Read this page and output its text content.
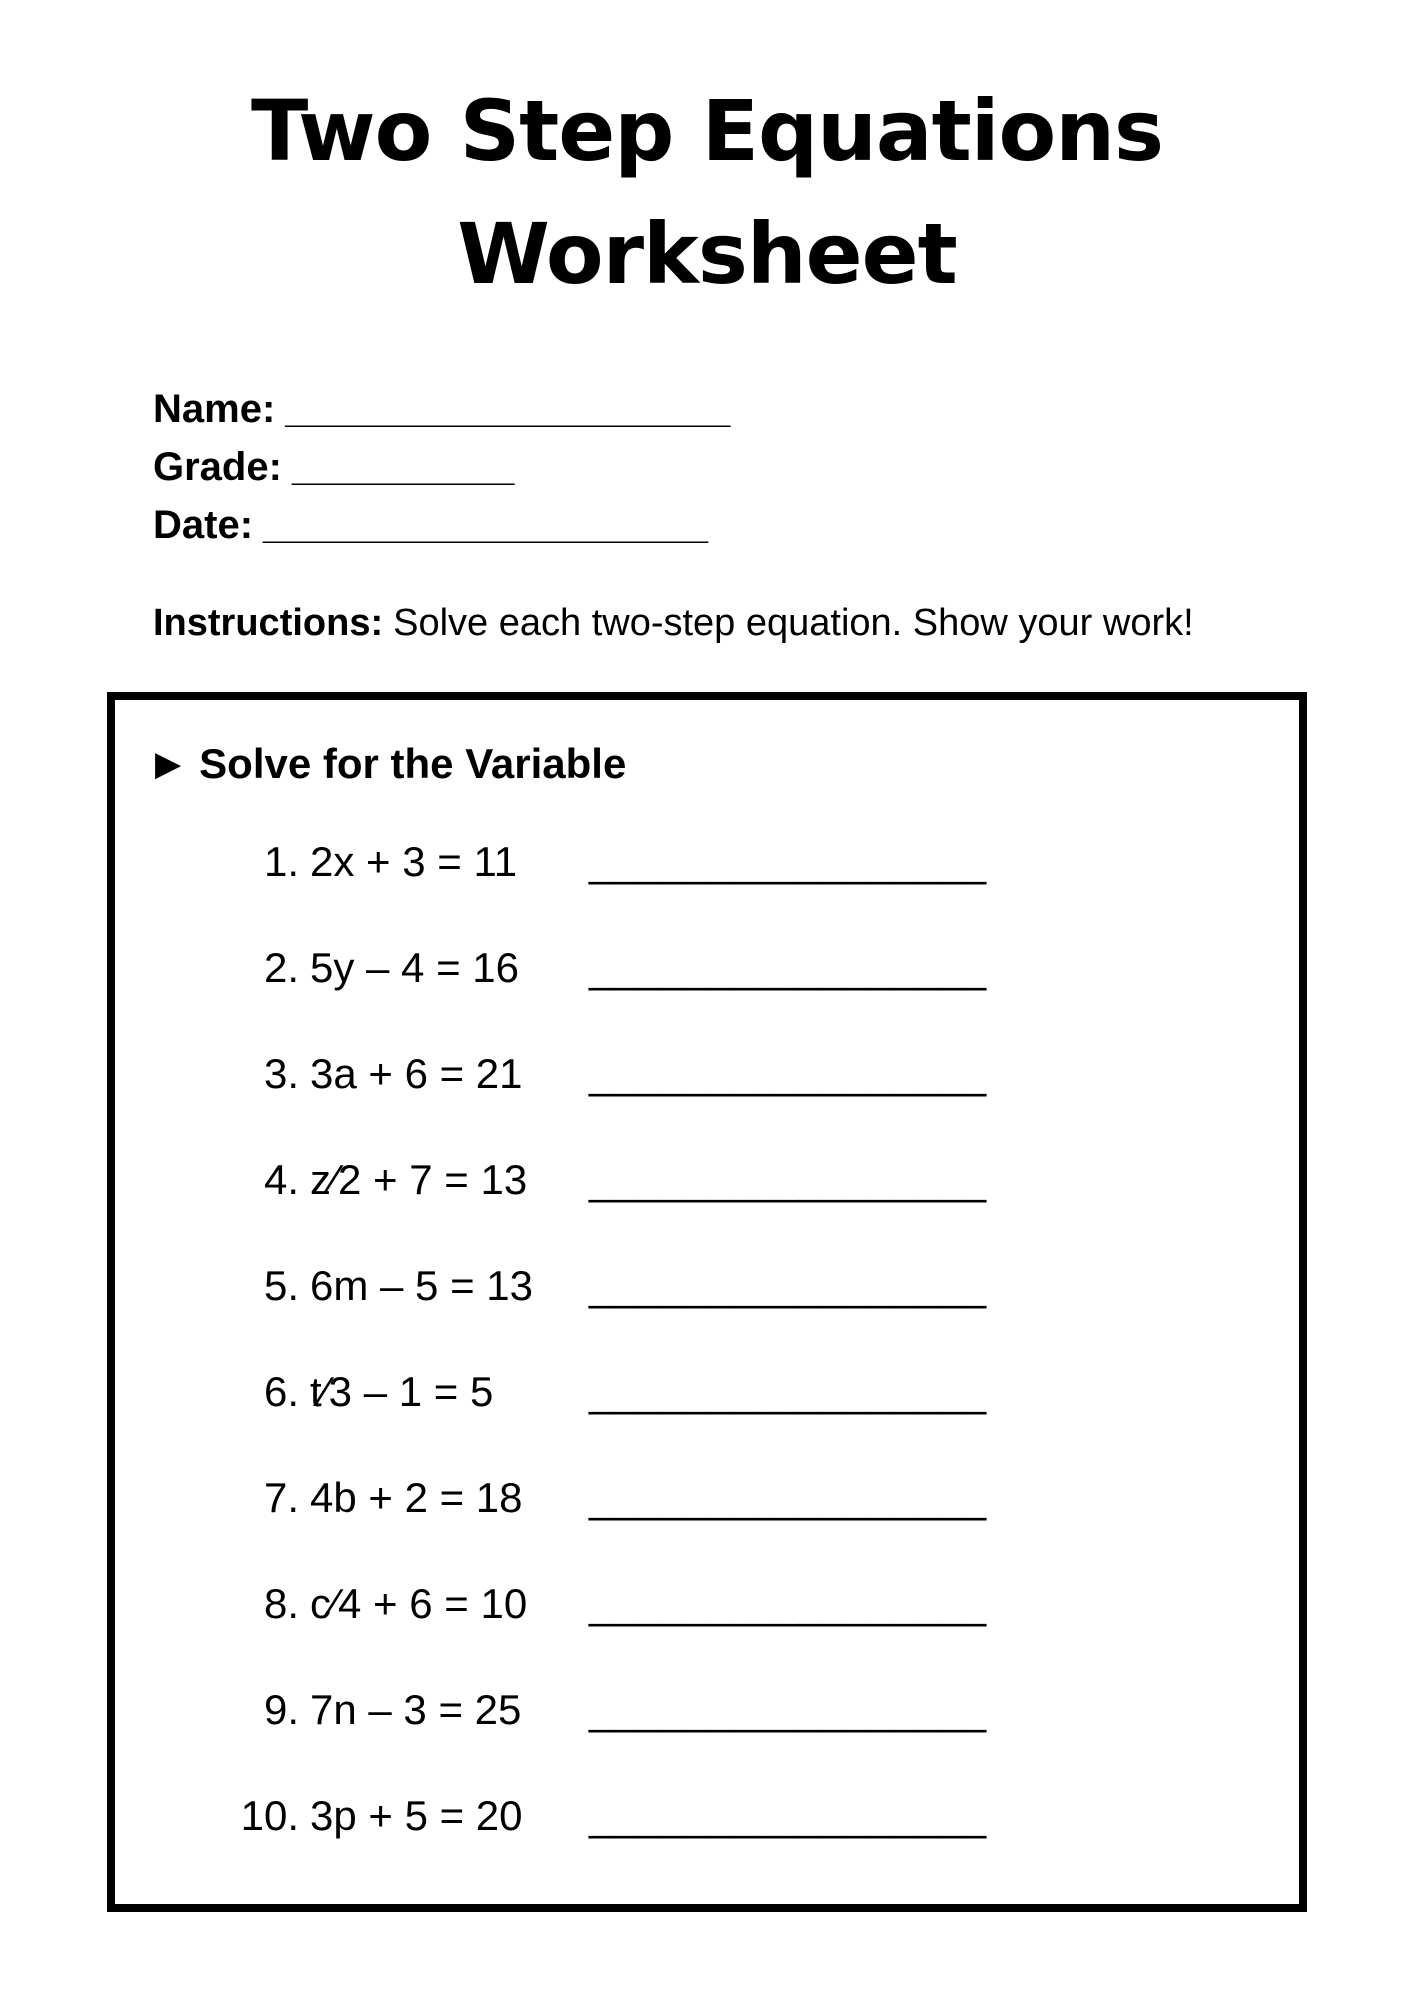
Two Step Equations
Worksheet
Name: ____________________
Grade: __________
Date: ____________________
Instructions: Solve each two-step equation. Show your work!
▶ Solve for the Variable
1. 2x + 3 = 11 _________________
2. 5y – 4 = 16 _________________
3. 3a + 6 = 21 _________________
4. z⁄2 + 7 = 13 _________________
5. 6m – 5 = 13 _________________
6. t⁄3 – 1 = 5 _________________
7. 4b + 2 = 18 _________________
8. c⁄4 + 6 = 10 _________________
9. 7n – 3 = 25 _________________
10. 3p + 5 = 20 _________________
